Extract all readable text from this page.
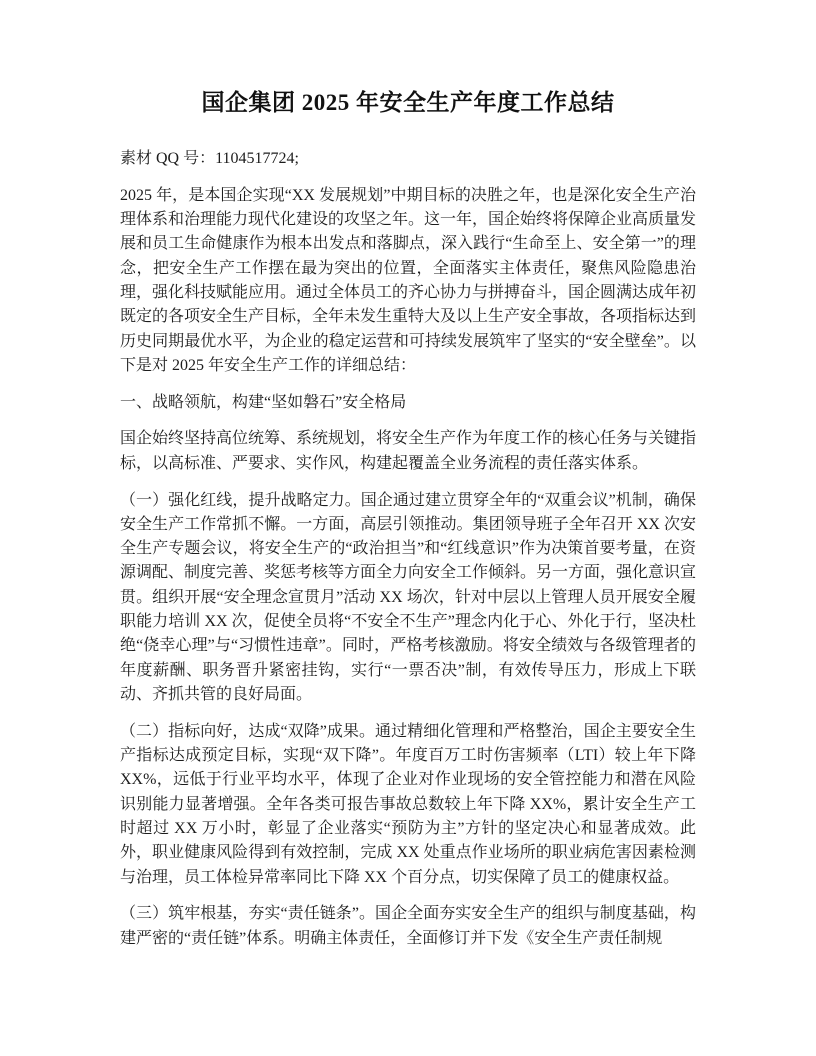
国企集团 2025 年安全生产年度工作总结

素材 QQ 号：1104517724;

2025 年，是本国企实现“XX 发展规划”中期目标的决胜之年，也是深化安全生产治理体系和治理能力现代化建设的攻坚之年。这一年，国企始终将保障企业高质量发展和员工生命健康作为根本出发点和落脚点，深入践行“生命至上、安全第一”的理念，把安全生产工作摆在最为突出的位置，全面落实主体责任，聚焦风险隐患治理，强化科技赋能应用。通过全体员工的齐心协力与拼搏奋斗，国企圆满达成年初既定的各项安全生产目标，全年未发生重特大及以上生产安全事故，各项指标达到历史同期最优水平，为企业的稳定运营和可持续发展筑牢了坚实的“安全壁垒”。以下是对 2025 年安全生产工作的详细总结：

一、战略领航，构建“坚如磐石”安全格局

国企始终坚持高位统筹、系统规划，将安全生产作为年度工作的核心任务与关键指标，以高标准、严要求、实作风，构建起覆盖全业务流程的责任落实体系。

（一）强化红线，提升战略定力。国企通过建立贯穿全年的“双重会议”机制，确保安全生产工作常抓不懈。一方面，高层引领推动。集团领导班子全年召开 XX 次安全生产专题会议，将安全生产的“政治担当”和“红线意识”作为决策首要考量，在资源调配、制度完善、奖惩考核等方面全力向安全工作倾斜。另一方面，强化意识宣贯。组织开展“安全理念宣贯月”活动 XX 场次，针对中层以上管理人员开展安全履职能力培训 XX 次，促使全员将“不安全不生产”理念内化于心、外化于行，坚决杜绝“侥幸心理”与“习惯性违章”。同时，严格考核激励。将安全绩效与各级管理者的年度薪酬、职务晋升紧密挂钩，实行“一票否决”制，有效传导压力，形成上下联动、齐抓共管的良好局面。

（二）指标向好，达成“双降”成果。通过精细化管理和严格整治，国企主要安全生产指标达成预定目标，实现“双下降”。年度百万工时伤害频率（LTI）较上年下降 XX%，远低于行业平均水平，体现了企业对作业现场的安全管控能力和潜在风险识别能力显著增强。全年各类可报告事故总数较上年下降 XX%，累计安全生产工时超过 XX 万小时，彰显了企业落实“预防为主”方针的坚定决心和显著成效。此外，职业健康风险得到有效控制，完成 XX 处重点作业场所的职业病危害因素检测与治理，员工体检异常率同比下降 XX 个百分点，切实保障了员工的健康权益。

（三）筑牢根基，夯实“责任链条”。国企全面夯实安全生产的组织与制度基础，构建严密的“责任链”体系。明确主体责任，全面修订并下发《安全生产责任制规
